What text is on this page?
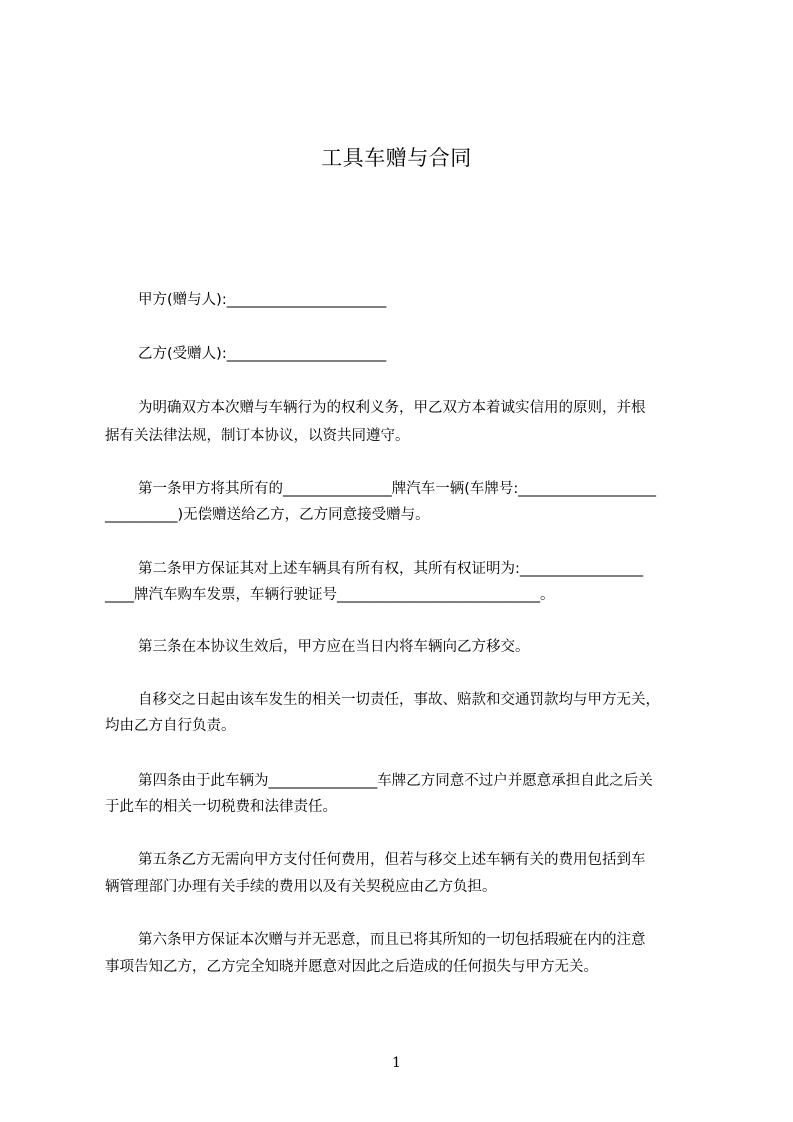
工具车赠与合同
甲方(赠与人):______________________
乙方(受赠人):______________________
为明确双方本次赠与车辆行为的权利义务，甲乙双方本着诚实信用的原则，并根
据有关法律法规，制订本协议，以资共同遵守。
第一条甲方将其所有的_______________牌汽车一辆(车牌号:___________________
__________)无偿赠送给乙方，乙方同意接受赠与。
第二条甲方保证其对上述车辆具有所有权，其所有权证明为:_________________
____牌汽车购车发票，车辆行驶证号____________________________。
第三条在本协议生效后，甲方应在当日内将车辆向乙方移交。
自移交之日起由该车发生的相关一切责任，事故、赔款和交通罚款均与甲方无关，
均由乙方自行负责。
第四条由于此车辆为_______________车牌乙方同意不过户并愿意承担自此之后关
于此车的相关一切税费和法律责任。
第五条乙方无需向甲方支付任何费用，但若与移交上述车辆有关的费用包括到车
辆管理部门办理有关手续的费用以及有关契税应由乙方负担。
第六条甲方保证本次赠与并无恶意，而且已将其所知的一切包括瑕疵在内的注意
事项告知乙方，乙方完全知晓并愿意对因此之后造成的任何损失与甲方无关。
1
